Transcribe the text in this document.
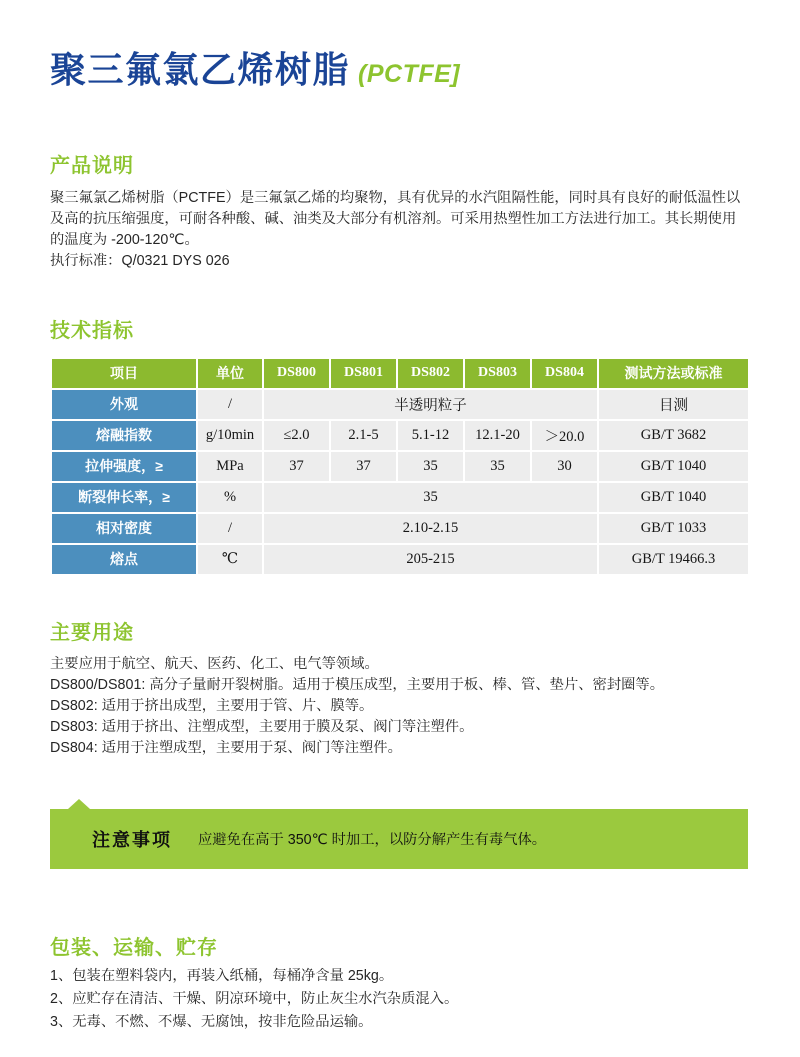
聚三氟氯乙烯树脂 (PCTFE]
产品说明

聚三氟氯乙烯树脂（PCTFE）是三氟氯乙烯的均聚物，具有优异的水汽阻隔性能，同时具有良好的耐低温性以及高的抗压缩强度，可耐各种酸、碱、油类及大部分有机溶剂。可采用热塑性加工方法进行加工。其长期使用的温度为 -200-120℃。

执行标准：Q/0321 DYS 026

技术指标
项目	单位	DS800	DS801	DS802	DS803	DS804	测试方法或标准
外观	/	半透明粒子					目测
熔融指数	g/10min	≤2.0	2.1-5	5.1-12	12.1-20	＞20.0	GB/T 3682
拉伸强度，≥	MPa	37	37	35	35	30	GB/T 1040
断裂伸长率，≥	%	35					GB/T 1040
相对密度	/	2.10-2.15					GB/T 1033
熔点	℃	205-215					GB/T 19466.3
主要用途
主要应用于航空、航天、医药、化工、电气等领域。
DS800/DS801: 高分子量耐开裂树脂。适用于模压成型，主要用于板、棒、管、垫片、密封圈等。
DS802: 适用于挤出成型，主要用于管、片、膜等。
DS803: 适用于挤出、注塑成型，主要用于膜及泵、阀门等注塑件。
DS804: 适用于注塑成型，主要用于泵、阀门等注塑件。
注意事项 应避免在高于 350℃ 时加工，以防分解产生有毒气体。
包装、运输、贮存
1、包装在塑料袋内，再装入纸桶，每桶净含量 25kg。
2、应贮存在清洁、干燥、阴凉环境中，防止灰尘水汽杂质混入。
3、无毒、不燃、不爆、无腐蚀，按非危险品运输。
